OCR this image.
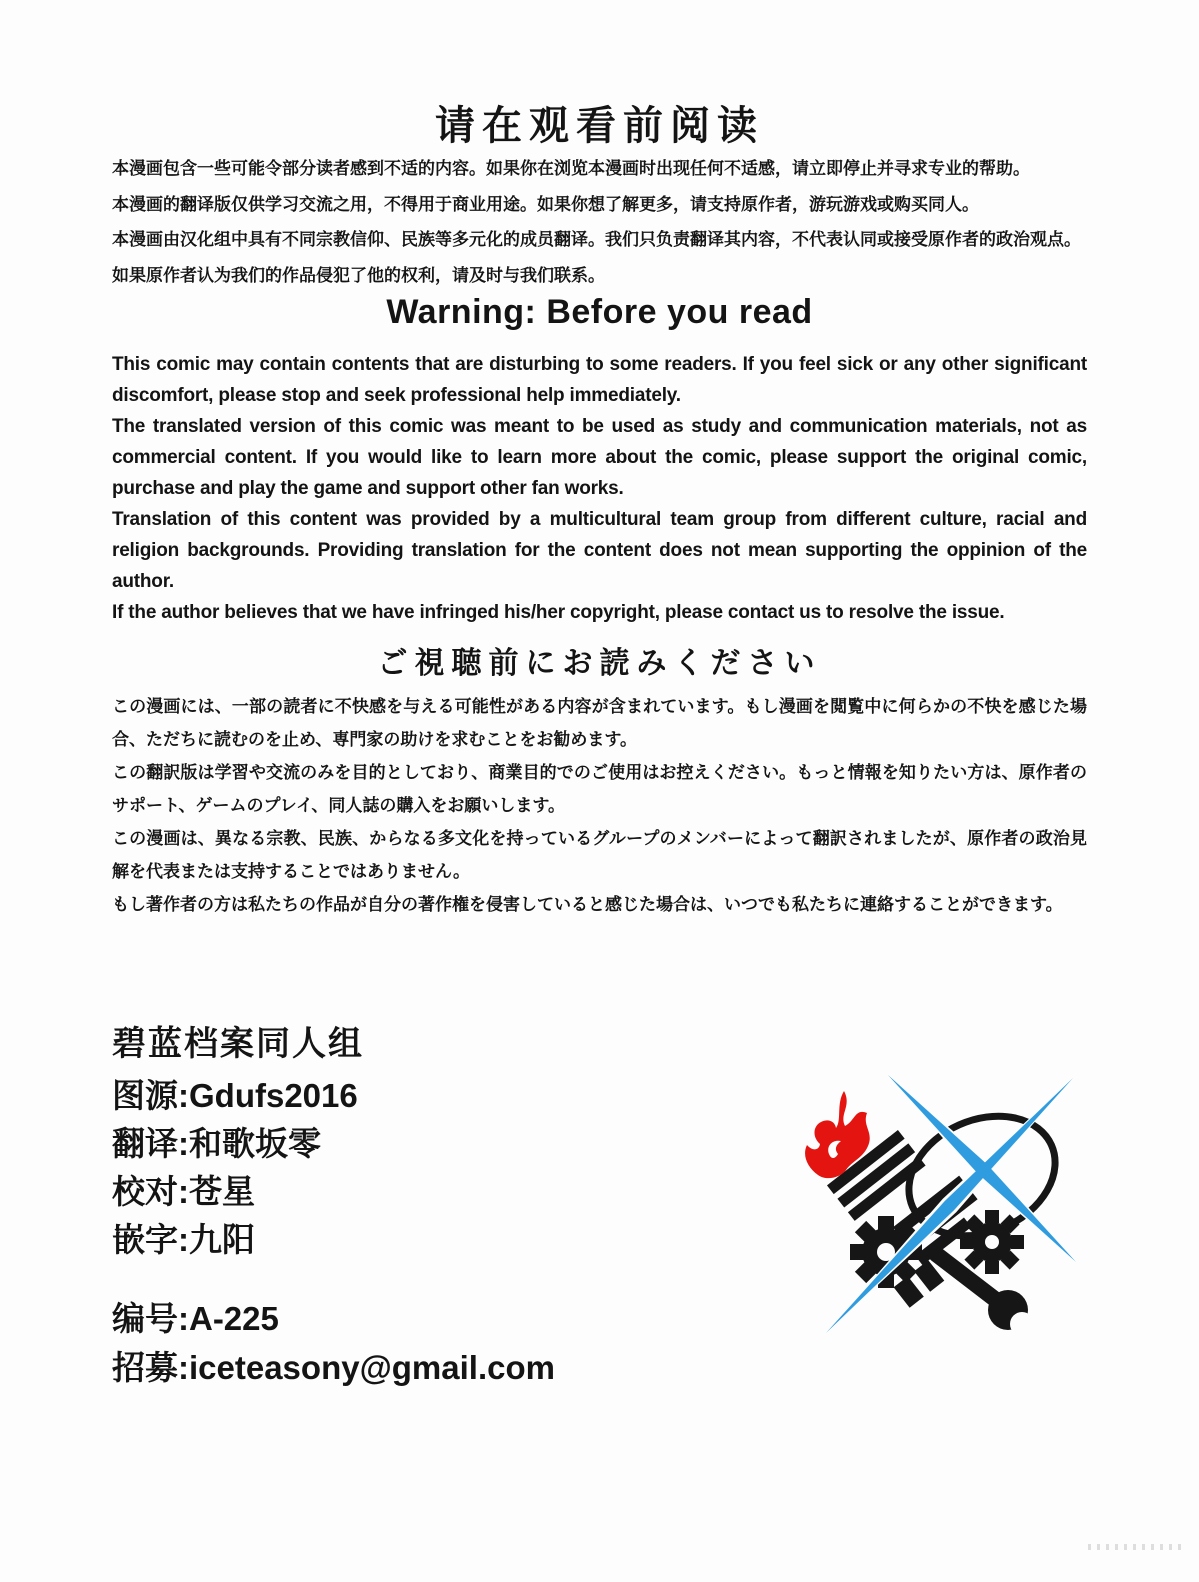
请在观看前阅读

本漫画包含一些可能令部分读者感到不适的内容。如果你在浏览本漫画时出现任何不适感，请立即停止并寻求专业的帮助。

本漫画的翻译版仅供学习交流之用，不得用于商业用途。如果你想了解更多，请支持原作者，游玩游戏或购买同人。

本漫画由汉化组中具有不同宗教信仰、民族等多元化的成员翻译。我们只负责翻译其内容，不代表认同或接受原作者的政治观点。

如果原作者认为我们的作品侵犯了他的权利，请及时与我们联系。

Warning: Before you read

This comic may contain contents that are disturbing to some readers. If you feel sick or any other significant discomfort, please stop and seek professional help immediately.

The translated version of this comic was meant to be used as study and communication materials, not as commercial content. If you would like to learn more about the comic, please support the original comic, purchase and play the game and support other fan works.

Translation of this content was provided by a multicultural team group from different culture, racial and religion backgrounds. Providing translation for the content does not mean supporting the oppinion of the author.

If the author believes that we have infringed his/her copyright, please contact us to resolve the issue.

ご視聴前にお読みください

この漫画には、一部の読者に不快感を与える可能性がある内容が含まれています。もし漫画を閲覧中に何らかの不快を感じた場合、ただちに読むのを止め、専門家の助けを求むことをお勧めます。

この翻訳版は学習や交流のみを目的としており、商業目的でのご使用はお控えください。もっと情報を知りたい方は、原作者のサポート、ゲームのプレイ、同人誌の購入をお願いします。

この漫画は、異なる宗教、民族、からなる多文化を持っているグループのメンバーによって翻訳されましたが、原作者の政治見解を代表または支持することではありません。

もし著作者の方は私たちの作品が自分の著作権を侵害していると感じた場合は、いつでも私たちに連絡することができます。

碧蓝档案同人组

图源:Gdufs2016
翻译:和歌坂零
校对:苍星
嵌字:九阳
编号:A-225
招募:iceteasony@gmail.com
